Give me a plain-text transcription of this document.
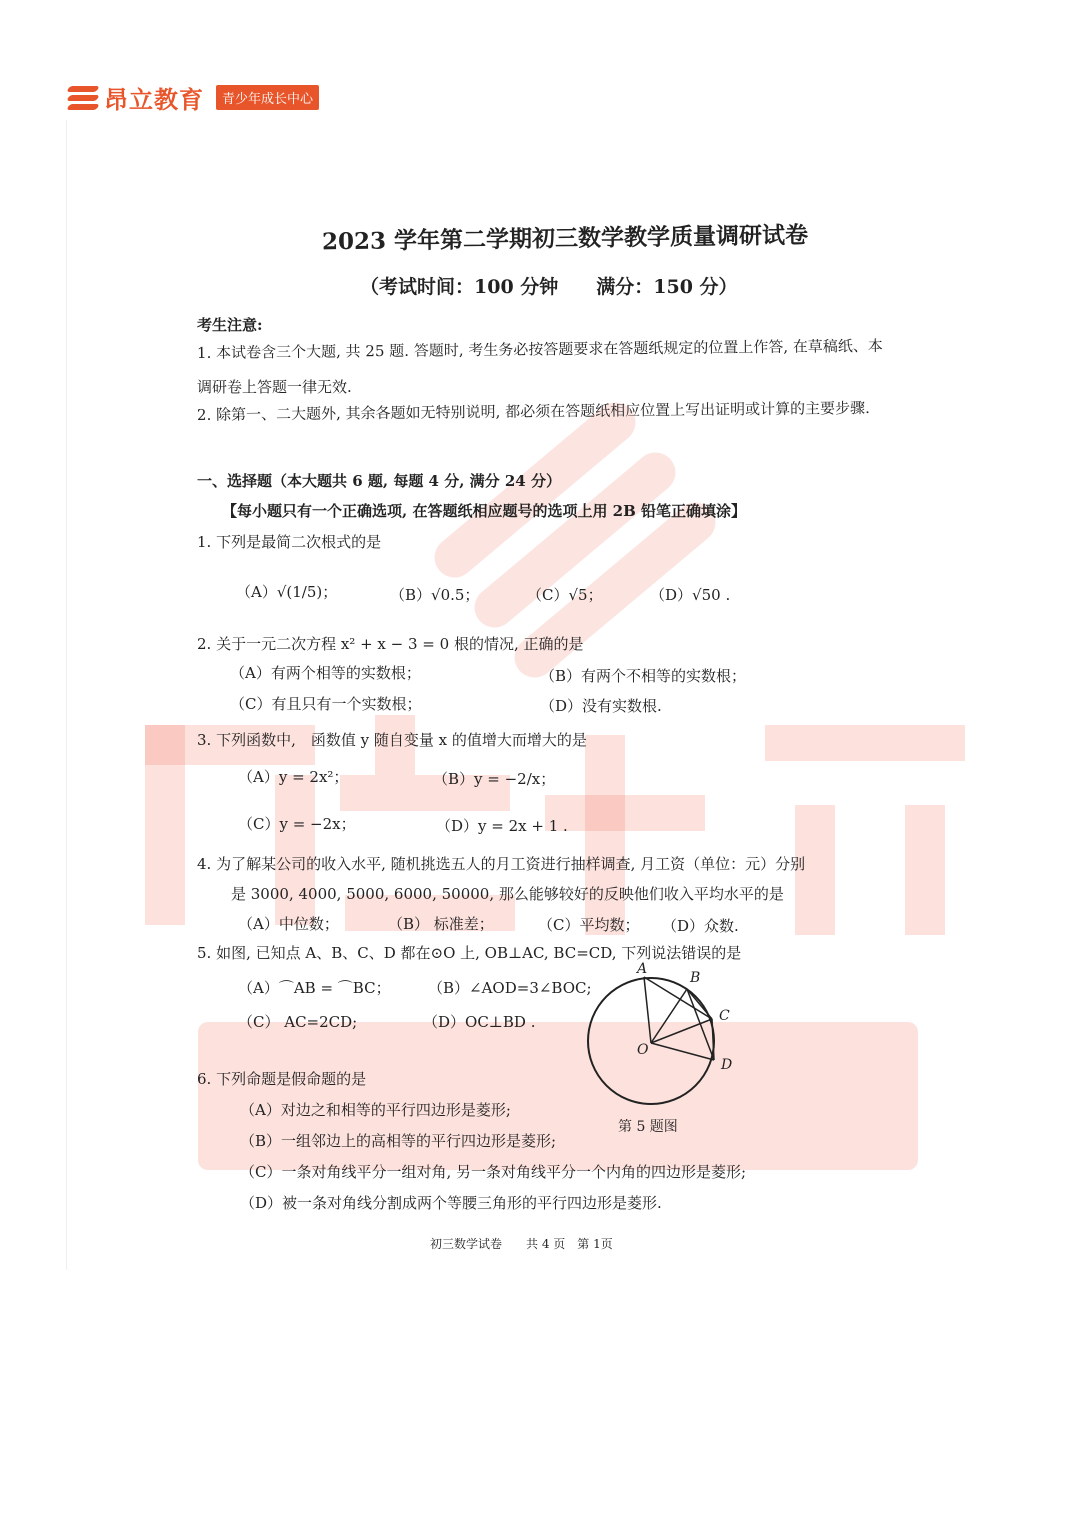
昂立教育	青少年成长中心
2023 学年第二学期初三数学教学质量调研试卷
（考试时间：100 分钟　　满分：150 分）
考生注意:
1. 本试卷含三个大题, 共 25 题. 答题时, 考生务必按答题要求在答题纸规定的位置上作答, 在草稿纸、本
调研卷上答题一律无效.
2. 除第一、二大题外, 其余各题如无特别说明, 都必须在答题纸相应位置上写出证明或计算的主要步骤.
一、选择题（本大题共 6 题, 每题 4 分, 满分 24 分）
【每小题只有一个正确选项, 在答题纸相应题号的选项上用 2B 铅笔正确填涂】
1. 下列是最简二次根式的是
（A）√(1/5)；	（B）√0.5；	（C）√5；	（D）√50 .
2. 关于一元二次方程 x² + x − 3 = 0 根的情况, 正确的是
（A）有两个相等的实数根；	（B）有两个不相等的实数根；
（C）有且只有一个实数根；	（D）没有实数根.
3. 下列函数中,　函数值 y 随自变量 x 的值增大而增大的是
（A）y = 2x²；	（B）y = −2/x；
（C）y = −2x；	（D）y = 2x + 1 .
4. 为了解某公司的收入水平, 随机挑选五人的月工资进行抽样调查, 月工资（单位：元）分别
是 3000, 4000, 5000, 6000, 50000, 那么能够较好的反映他们收入平均水平的是
（A）中位数；	（B） 标准差；	（C）平均数； （D）众数.
5. 如图, 已知点 A、B、C、D 都在⊙O 上, OB⊥AC, BC=CD, 下列说法错误的是
（A）⌒AB = ⌒BC； （B）∠AOD=3∠BOC;
（C） AC=2CD;	（D）OC⊥BD .
A
B
C
D
O
第 5 题图
6. 下列命题是假命题的是
（A）对边之和相等的平行四边形是菱形;
（B）一组邻边上的高相等的平行四边形是菱形;
（C）一条对角线平分一组对角, 另一条对角线平分一个内角的四边形是菱形;
（D）被一条对角线分割成两个等腰三角形的平行四边形是菱形.
初三数学试卷　　共 4 页　第 1页
